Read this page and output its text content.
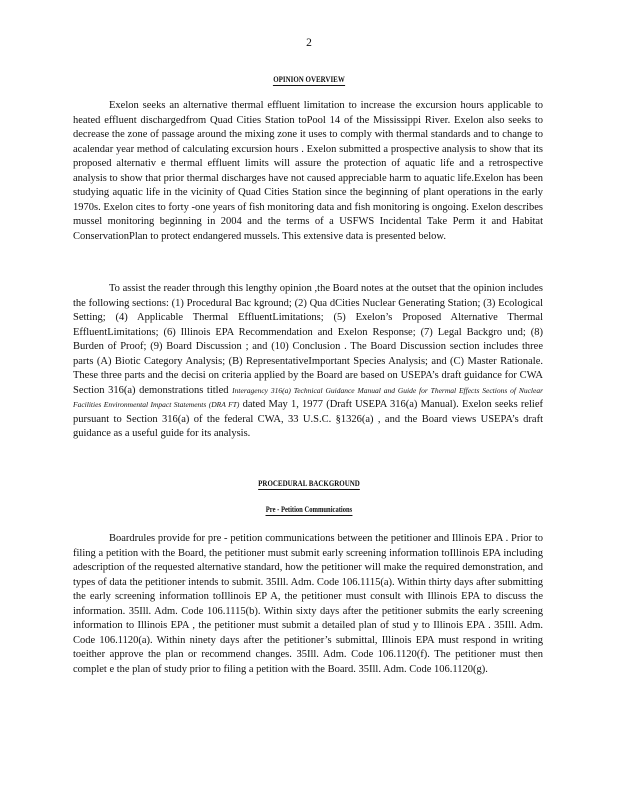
2
OPINION OVERVIEW

Exelon seeks an alternative thermal effluent limitation to increase the excursion hours applicable to heated effluent dischargedfrom Quad Cities Station toPool 14 of the Mississippi River. Exelon also seeks to decrease the zone of passage around the mixing zone it uses to comply with thermal standards and to change to acalendar year method of calculating excursion hours . Exelon submitted a prospective analysis to show that its proposed alternativ e thermal effluent limits will assure the protection of aquatic life and a retrospective analysis to show that prior thermal discharges have not caused appreciable harm to aquatic life.Exelon has been studying aquatic life in the vicinity of Quad Cities Station since the beginning of plant operations in the early 1970s. Exelon cites to forty -one years of fish monitoring data and fish monitoring is ongoing. Exelon describes mussel monitoring beginning in 2004 and the terms of a USFWS Incidental Take Perm it and Habitat ConservationPlan to protect endangered mussels. This extensive data is presented below.

To assist the reader through this lengthy opinion ,the Board notes at the outset that the opinion includes the following sections: (1) Procedural Bac kground; (2) Qua dCities Nuclear Generating Station; (3) Ecological Setting; (4) Applicable Thermal EffluentLimitations; (5) Exelon’s Proposed Alternative Thermal EffluentLimitations; (6) Illinois EPA Recommendation and Exelon Response; (7) Legal Backgro und; (8) Burden of Proof; (9) Board Discussion ; and (10) Conclusion . The Board Discussion section includes three parts (A) Biotic Category Analysis; (B) RepresentativeImportant Species Analysis; and (C) Master Rationale. These three parts and the decisi on criteria applied by the Board are based on USEPA’s draft guidance for CWA Section 316(a) demonstrations titled Interagency 316(a) Technical Guidance Manual and Guide for Thermal Effects Sections of Nuclear Facilities Environmental Impact Statements (DRA FT) dated May 1, 1977 (Draft USEPA 316(a) Manual). Exelon seeks relief pursuant to Section 316(a) of the federal CWA, 33 U.S.C. §1326(a) , and the Board views USEPA’s draft guidance as a useful guide for its analysis.

PROCEDURAL BACKGROUND
Pre - Petition Communications

Boardrules provide for pre - petition communications between the petitioner and Illinois EPA . Prior to filing a petition with the Board, the petitioner must submit early screening information toIllinois EPA including adescription of the requested alternative standard, how the petitioner will make the required demonstration, and types of data the petitioner intends to submit. 35Ill. Adm. Code 106.1115(a). Within thirty days after submitting the early screening information toIllinois EP A, the petitioner must consult with Illinois EPA to discuss the information. 35Ill. Adm. Code 106.1115(b). Within sixty days after the petitioner submits the early screening information to Illinois EPA , the petitioner must submit a detailed plan of stud y to Illinois EPA . 35Ill. Adm. Code 106.1120(a). Within ninety days after the petitioner’s submittal, Illinois EPA must respond in writing toeither approve the plan or recommend changes. 35Ill. Adm. Code 106.1120(f). The petitioner must then complet e the plan of study prior to filing a petition with the Board. 35Ill. Adm. Code 106.1120(g).
